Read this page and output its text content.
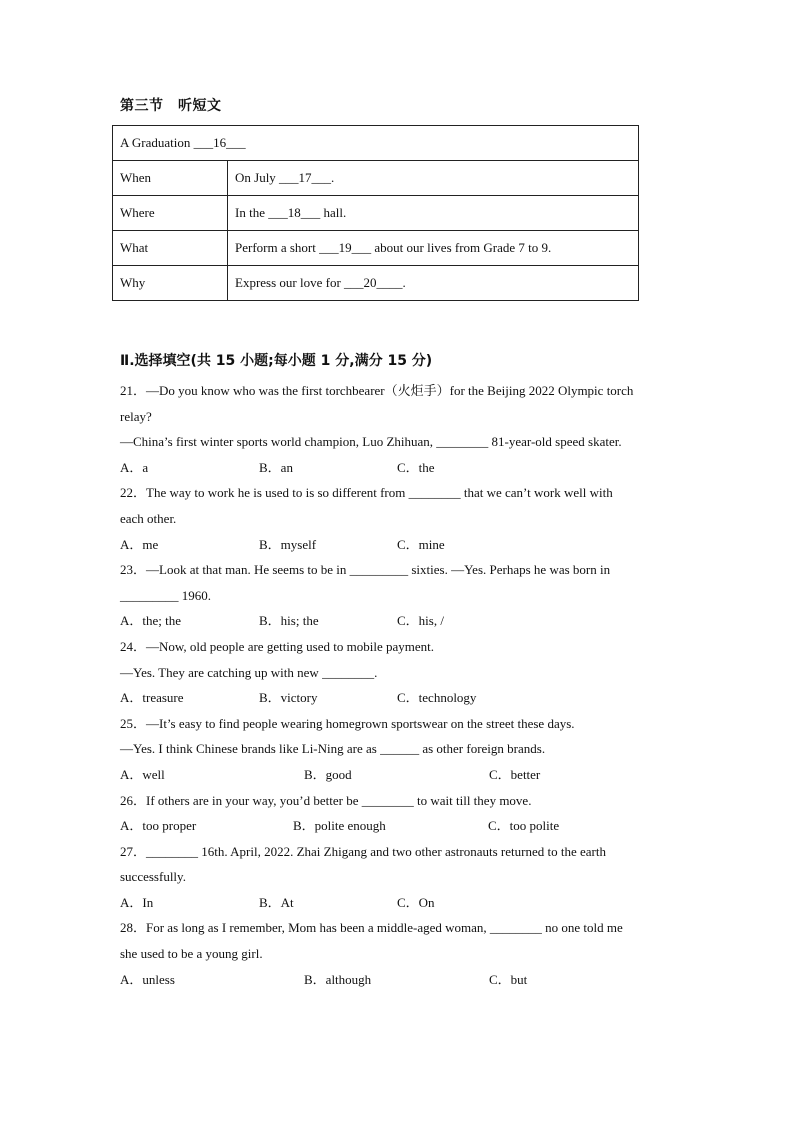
第三节　听短文
A Graduation ___16___	
When	On July ___17___.
Where	In the ___18___ hall.
What	Perform a short ___19___ about our lives from Grade 7 to 9.
Why	Express our love for ___20____.
Ⅱ.选择填空(共 15 小题;每小题 1 分,满分 15 分)
21．—Do you know who was the first torchbearer（火炬手）for the Beijing 2022 Olympic torch
relay?
—China’s first winter sports world champion, Luo Zhihuan, ________ 81-year-old speed skater.
A．a	B．an	C．the
22．The way to work he is used to is so different from ________ that we can’t work well with
each other.
A．me	B．myself	C．mine
23．—Look at that man. He seems to be in _________ sixties. —Yes. Perhaps he was born in
_________ 1960.
A．the; the	B．his; the	C．his, /
24．—Now, old people are getting used to mobile payment.
—Yes. They are catching up with new ________.
A．treasure	B．victory	C．technology
25．—It’s easy to find people wearing homegrown sportswear on the street these days.
—Yes. I think Chinese brands like Li-Ning are as ______ as other foreign brands.
A．well	B．good	C．better
26．If others are in your way, you’d better be ________ to wait till they move.
A．too proper	B．polite enough	C．too polite
27．________ 16th. April, 2022. Zhai Zhigang and two other astronauts returned to the earth
successfully.
A．In	B．At	C．On
28．For as long as I remember, Mom has been a middle-aged woman, ________ no one told me
she used to be a young girl.
A．unless	B．although	C．but
